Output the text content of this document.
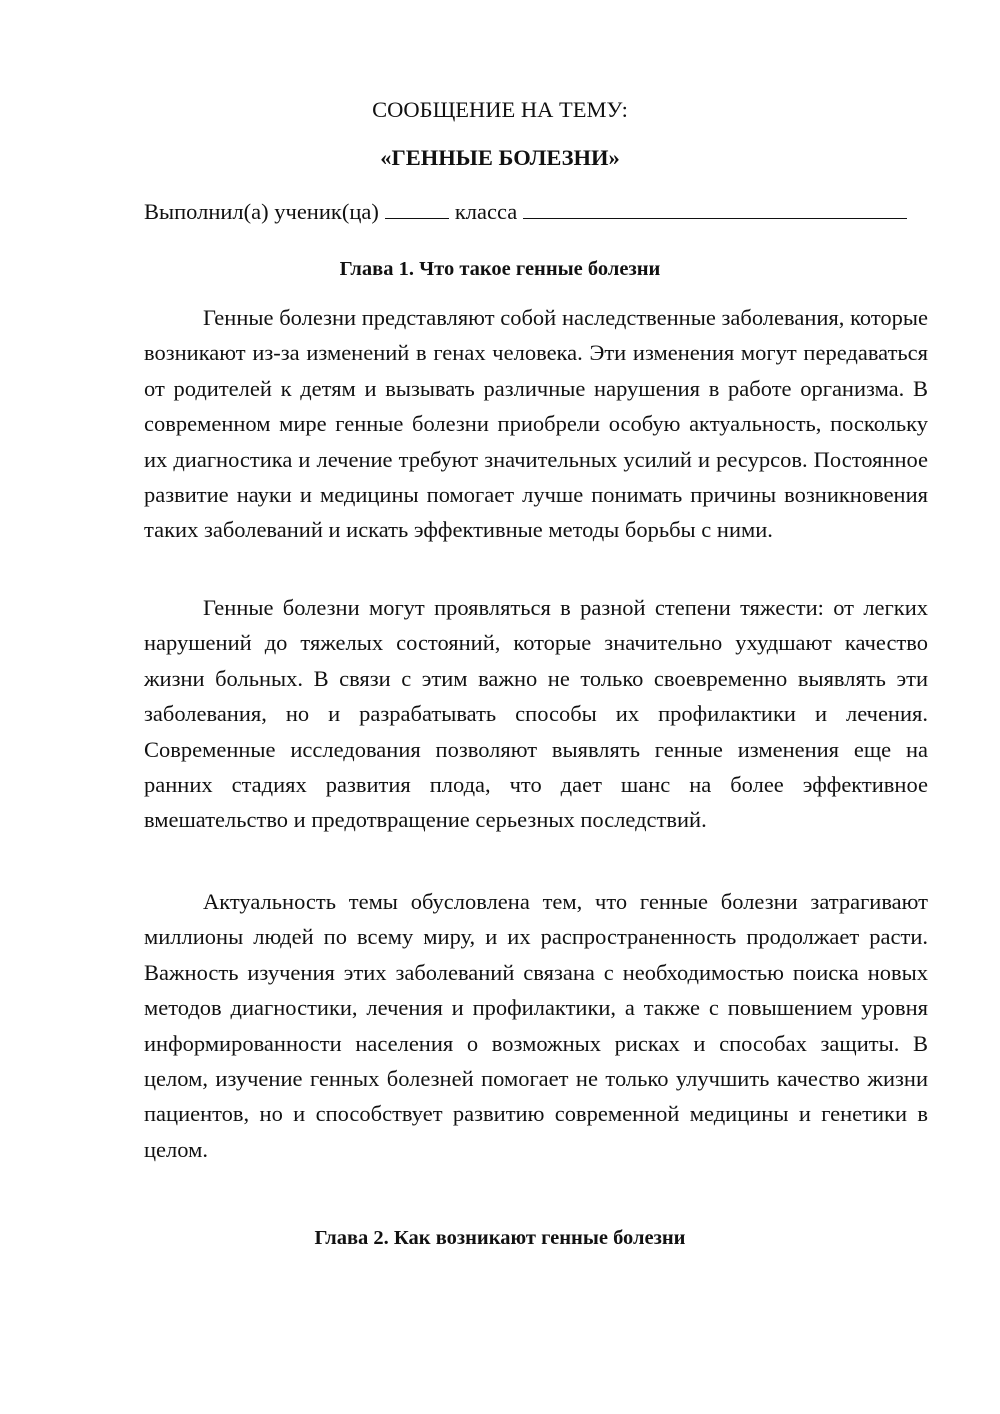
СООБЩЕНИЕ НА ТЕМУ:
«ГЕННЫЕ БОЛЕЗНИ»
Выполнил(а) ученик(ца)	класса
Глава 1. Что такое генные болезни

Генные болезни представляют собой наследственные заболевания, которые возникают из-за изменений в генах человека. Эти изменения могут передаваться от родителей к детям и вызывать различные нарушения в работе организма. В современном мире генные болезни приобрели особую актуальность, поскольку их диагностика и лечение требуют значительных усилий и ресурсов. Постоянное развитие науки и медицины помогает лучше понимать причины возникновения таких заболеваний и искать эффективные методы борьбы с ними.

Генные болезни могут проявляться в разной степени тяжести: от легких нарушений до тяжелых состояний, которые значительно ухудшают качество жизни больных. В связи с этим важно не только своевременно выявлять эти заболевания, но и разрабатывать способы их профилактики и лечения. Современные исследования позволяют выявлять генные изменения еще на ранних стадиях развития плода, что дает шанс на более эффективное вмешательство и предотвращение серьезных последствий.

Актуальность темы обусловлена тем, что генные болезни затрагивают миллионы людей по всему миру, и их распространенность продолжает расти. Важность изучения этих заболеваний связана с необходимостью поиска новых методов диагностики, лечения и профилактики, а также с повышением уровня информированности населения о возможных рисках и способах защиты. В целом, изучение генных болезней помогает не только улучшить качество жизни пациентов, но и способствует развитию современной медицины и генетики в целом.

Глава 2. Как возникают генные болезни
